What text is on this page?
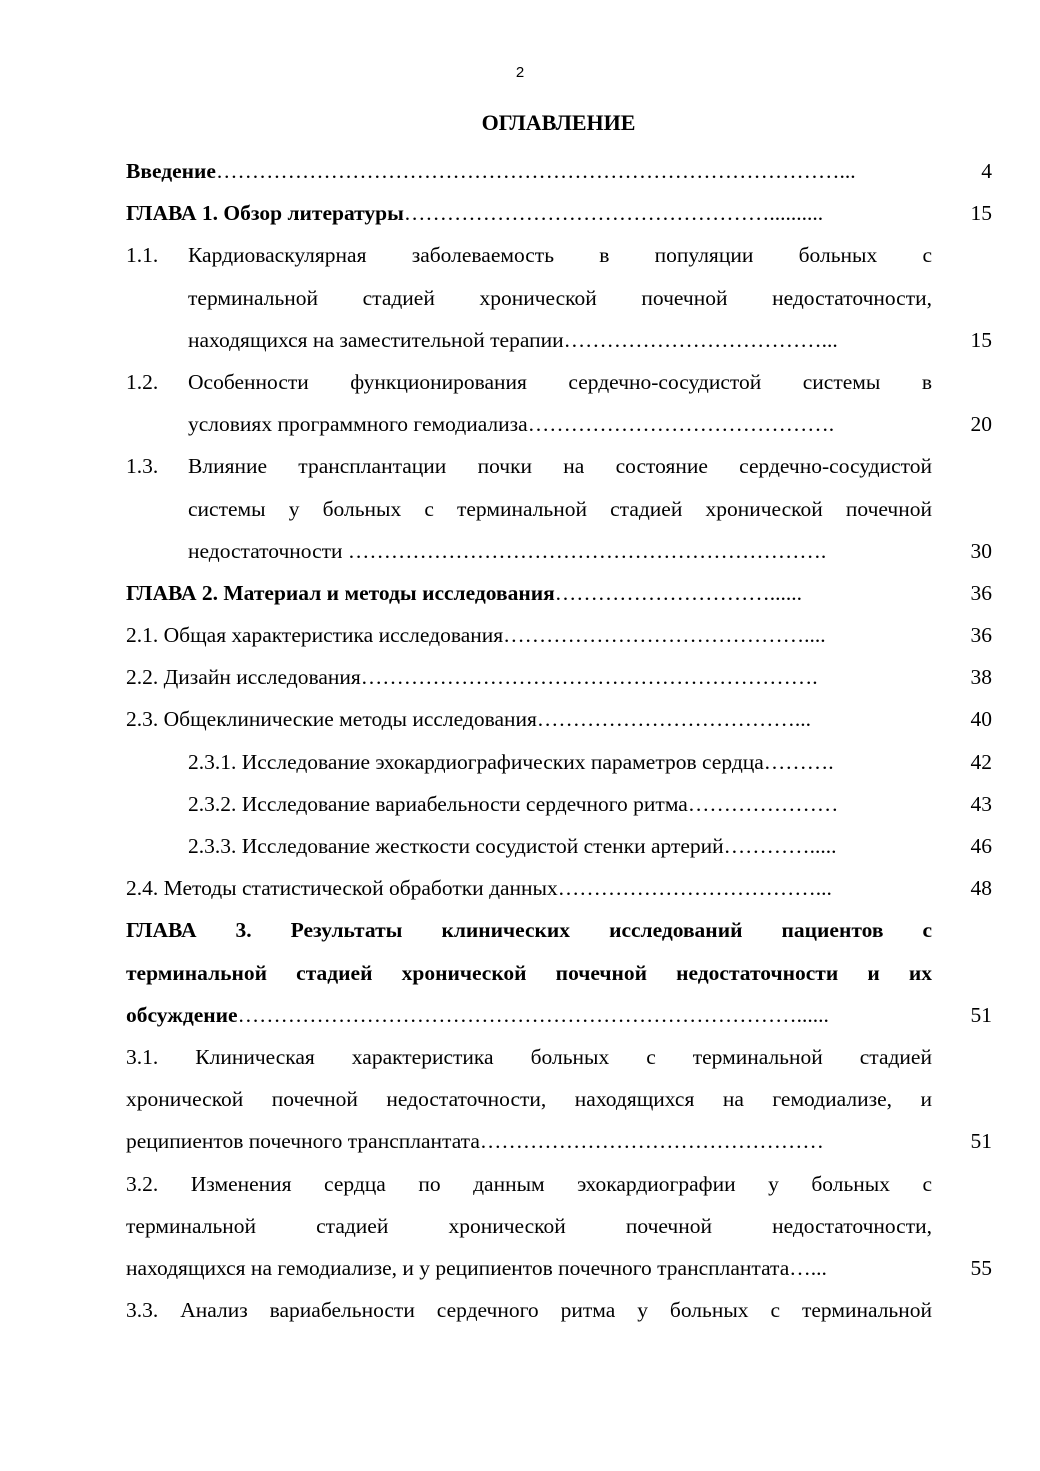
2
ОГЛАВЛЕНИЕ
Введение……………………………………………………………………………...	4
ГЛАВА 1. Обзор литературы……………………………………………..........	15
1.1. Кардиоваскулярная заболеваемость в популяции больных с
терминальной стадией хронической почечной недостаточности,
находящихся на заместительной терапии………………………………...	15
1.2. Особенности функционирования сердечно-сосудистой системы в
условиях программного гемодиализа…………………………………….	20
1.3. Влияние трансплантации почки на состояние сердечно-сосудистой
системы у больных с терминальной стадией хронической почечной
недостаточности ………………………………………………………….	30
ГЛАВА 2. Материал и методы исследования…………………………......	36
2.1. Общая характеристика исследования……………………………………....	36
2.2. Дизайн исследования……………………………………………………….	38
2.3. Общеклинические методы исследования………………………………...	40
2.3.1. Исследование эхокардиографических параметров сердца……….	42
2.3.2. Исследование вариабельности сердечного ритма…………………	43
2.3.3. Исследование жесткости сосудистой стенки артерий………….....	46
2.4. Методы статистической обработки данных………………………………...	48
ГЛАВА 3. Результаты клинических исследований пациентов с
терминальной стадией хронической почечной недостаточности и их
обсуждение……………………………………………………………………......	51
3.1. Клиническая характеристика больных с терминальной стадией
хронической почечной недостаточности, находящихся на гемодиализе, и
реципиентов почечного трансплантата…………………………………………	51
3.2. Изменения сердца по данным эхокардиографии у больных с
терминальной стадией хронической почечной недостаточности,
находящихся на гемодиализе, и у реципиентов почечного трансплантата…...	55
3.3. Анализ вариабельности сердечного ритма у больных с терминальной
